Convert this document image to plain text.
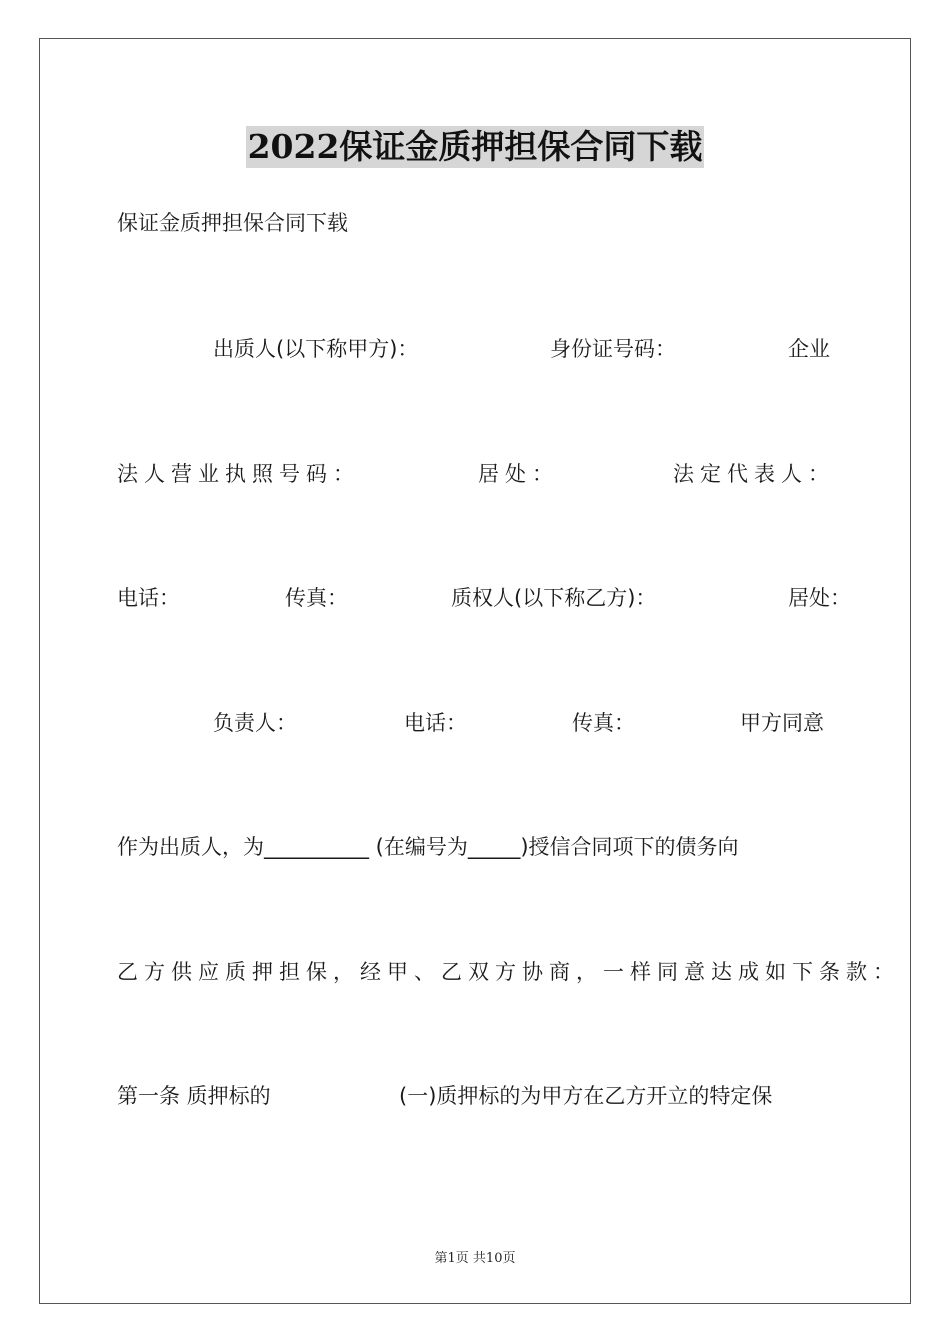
2022保证金质押担保合同下载
保证金质押担保合同下载
出质人(以下称甲方)：	身份证号码：	企业
法人营业执照号码：	居处：	法定代表人：
电话：	传真：	质权人(以下称乙方)：	居处：
负责人：	电话：	传真：	甲方同意
作为出质人，为__________ (在编号为_____)授信合同项下的债务向
乙方供应质押担保，经甲、乙双方协商，一样同意达成如下条款：
第一条 质押标的	(一)质押标的为甲方在乙方开立的特定保
第1页 共10页
